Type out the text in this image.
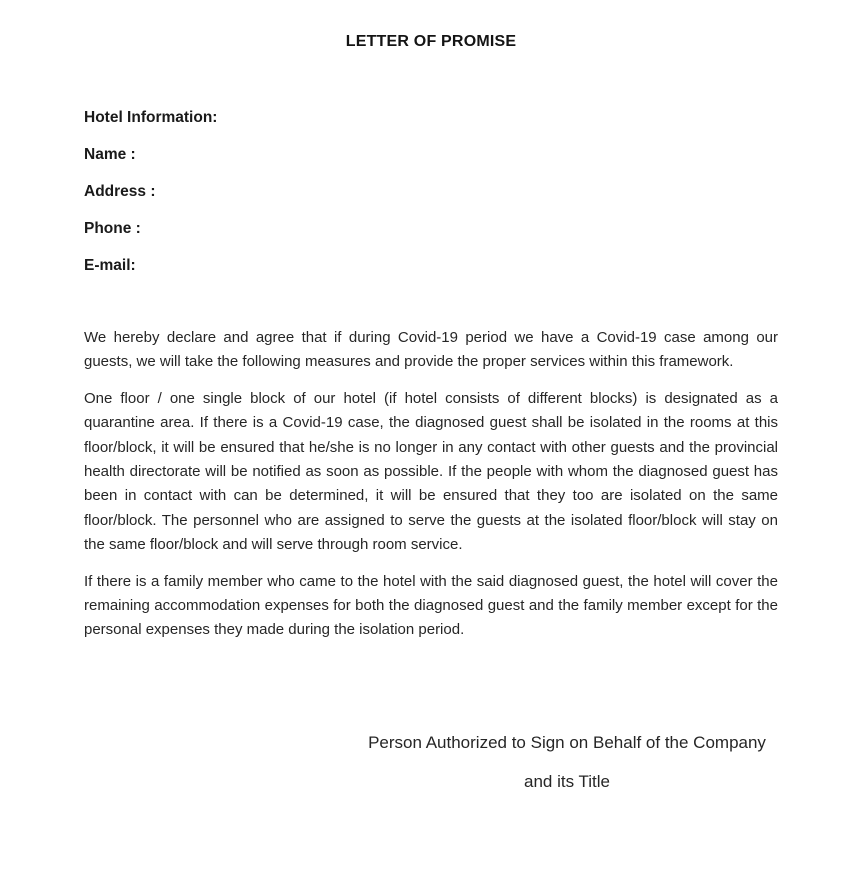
LETTER OF PROMISE
Hotel Information:
Name :
Address :
Phone :
E-mail:

We hereby declare and agree that if during Covid-19 period we have a Covid-19 case among our guests, we will take the following measures and provide the proper services within this framework.

One floor / one single block of our hotel (if hotel consists of different blocks) is designated as a quarantine area. If there is a Covid-19 case, the diagnosed guest shall be isolated in the rooms at this floor/block, it will be ensured that he/she is no longer in any contact with other guests and the provincial health directorate will be notified as soon as possible. If the people with whom the diagnosed guest has been in contact with can be determined, it will be ensured that they too are isolated on the same floor/block. The personnel who are assigned to serve the guests at the isolated floor/block will stay on the same floor/block and will serve through room service.

If there is a family member who came to the hotel with the said diagnosed guest, the hotel will cover the remaining accommodation expenses for both the diagnosed guest and the family member except for the personal expenses they made during the isolation period.

Person Authorized to Sign on Behalf of the Company
and its Title
